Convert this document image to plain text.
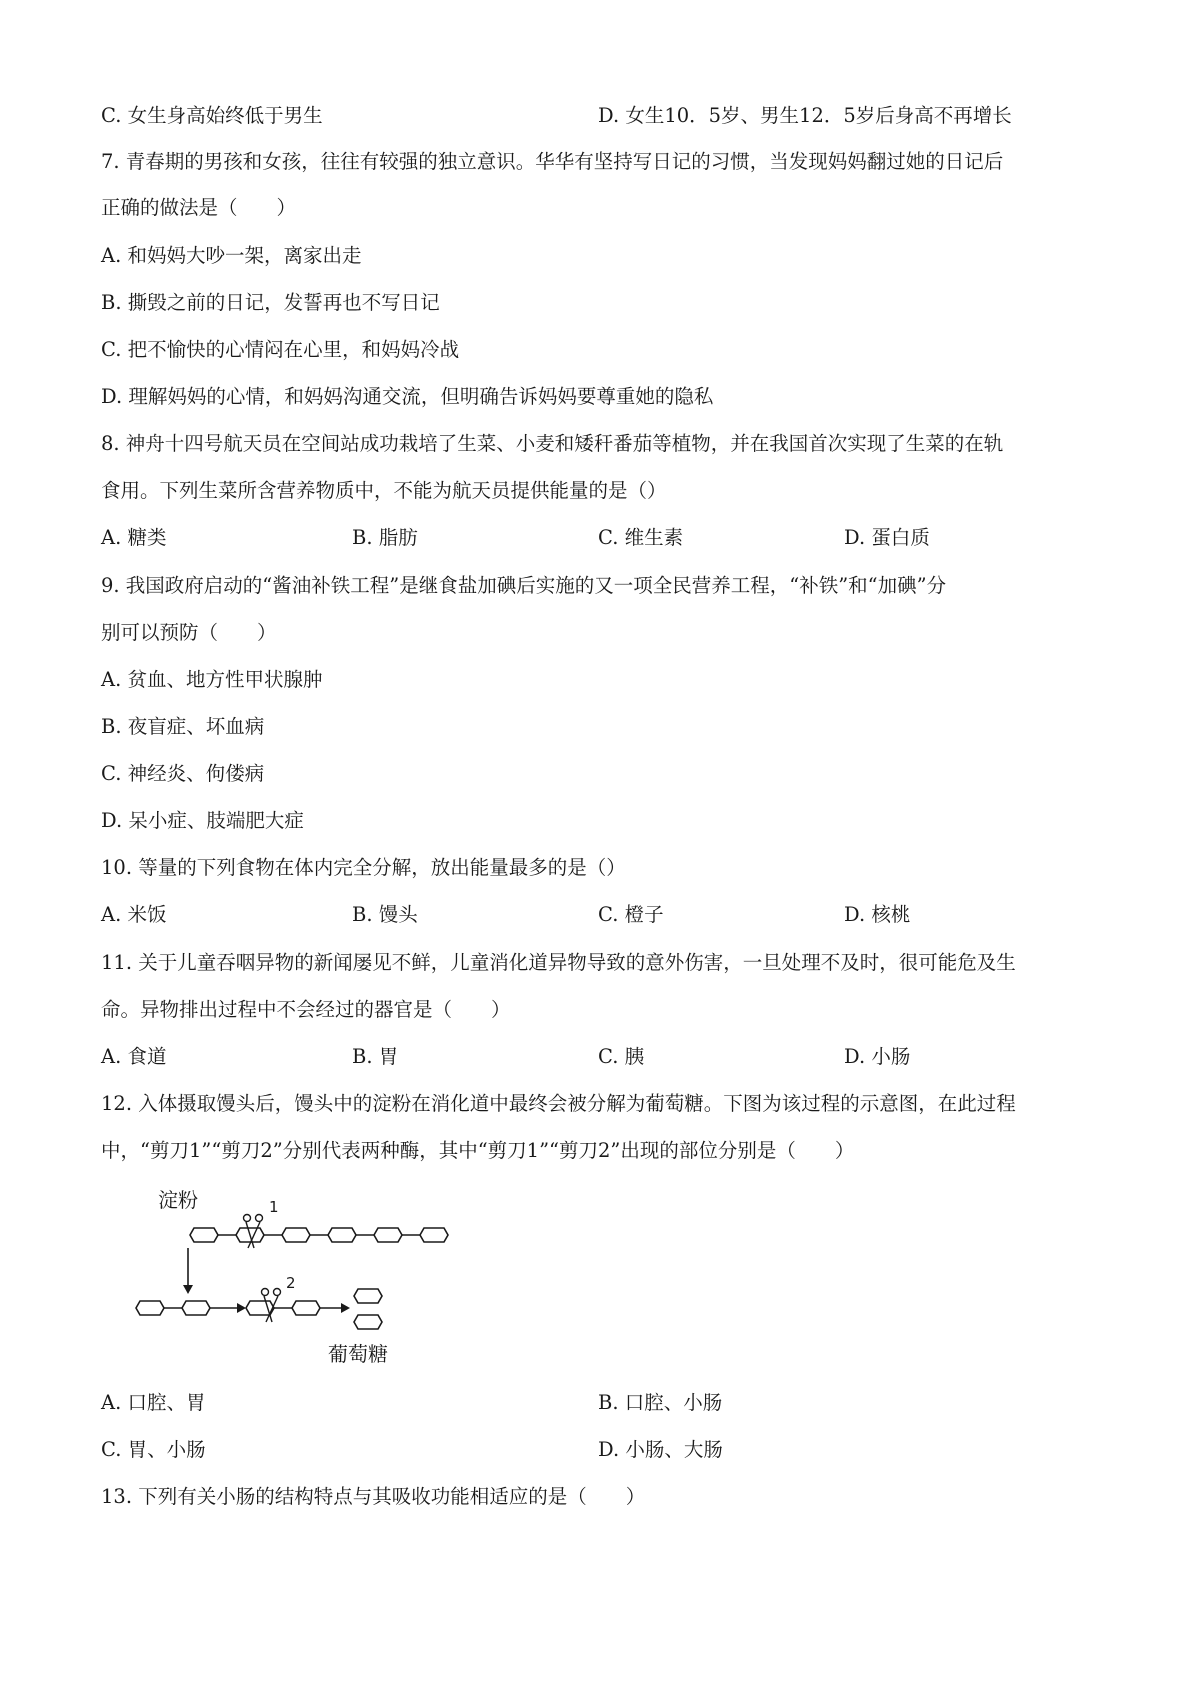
C. 女生身高始终低于男生	D. 女生10．5岁、男生12．5岁后身高不再增长
7. 青春期的男孩和女孩，往往有较强的独立意识。华华有坚持写日记的习惯，当发现妈妈翻过她的日记后
正确的做法是（　　）
A. 和妈妈大吵一架，离家出走
B. 撕毁之前的日记，发誓再也不写日记
C. 把不愉快的心情闷在心里，和妈妈冷战
D. 理解妈妈的心情，和妈妈沟通交流，但明确告诉妈妈要尊重她的隐私
8. 神舟十四号航天员在空间站成功栽培了生菜、小麦和矮秆番茄等植物，并在我国首次实现了生菜的在轨
食用。下列生菜所含营养物质中，不能为航天员提供能量的是（）
A. 糖类	B. 脂肪	C. 维生素	D. 蛋白质
9. 我国政府启动的“酱油补铁工程”是继食盐加碘后实施的又一项全民营养工程，“补铁”和“加碘”分
别可以预防（　　）
A. 贫血、地方性甲状腺肿
B. 夜盲症、坏血病
C. 神经炎、佝偻病
D. 呆小症、肢端肥大症
10. 等量的下列食物在体内完全分解，放出能量最多的是（）
A. 米饭	B. 馒头	C. 橙子	D. 核桃
11. 关于儿童吞咽异物的新闻屡见不鲜，儿童消化道异物导致的意外伤害，一旦处理不及时，很可能危及生
命。异物排出过程中不会经过的器官是（　　）
A. 食道	B. 胃	C. 胰	D. 小肠
12. 入体摄取馒头后，馒头中的淀粉在消化道中最终会被分解为葡萄糖。下图为该过程的示意图，在此过程
中，“剪刀1”“剪刀2”分别代表两种酶，其中“剪刀1”“剪刀2”出现的部位分别是（　　）
淀粉	1
2
葡萄糖
A. 口腔、胃	B. 口腔、小肠
C. 胃、小肠	D. 小肠、大肠
13. 下列有关小肠的结构特点与其吸收功能相适应的是（　　）
